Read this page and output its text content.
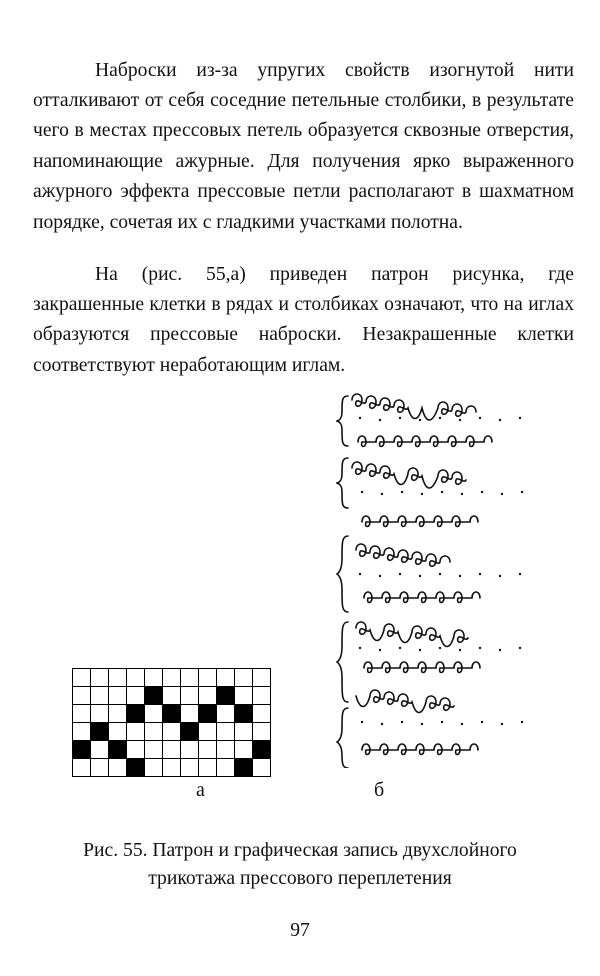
Наброски из-за упругих свойств изогнутой нити отталкивают от себя соседние петельные столбики, в результате чего в местах прессовых петель образуется сквозные отверстия, напоминающие ажурные. Для получения ярко выраженного ажурного эффекта прессовые петли располагают в шахматном порядке, сочетая их с гладкими участками полотна.

На (рис. 55,а) приведен патрон рисунка, где закрашенные клетки в рядах и столбиках означают, что на иглах образуются прессовые наброски. Незакрашенные клетки соответствуют неработающим иглам.

а	б
Рис. 55. Патрон и графическая запись двухслойного трикотажа прессового переплетения
97
